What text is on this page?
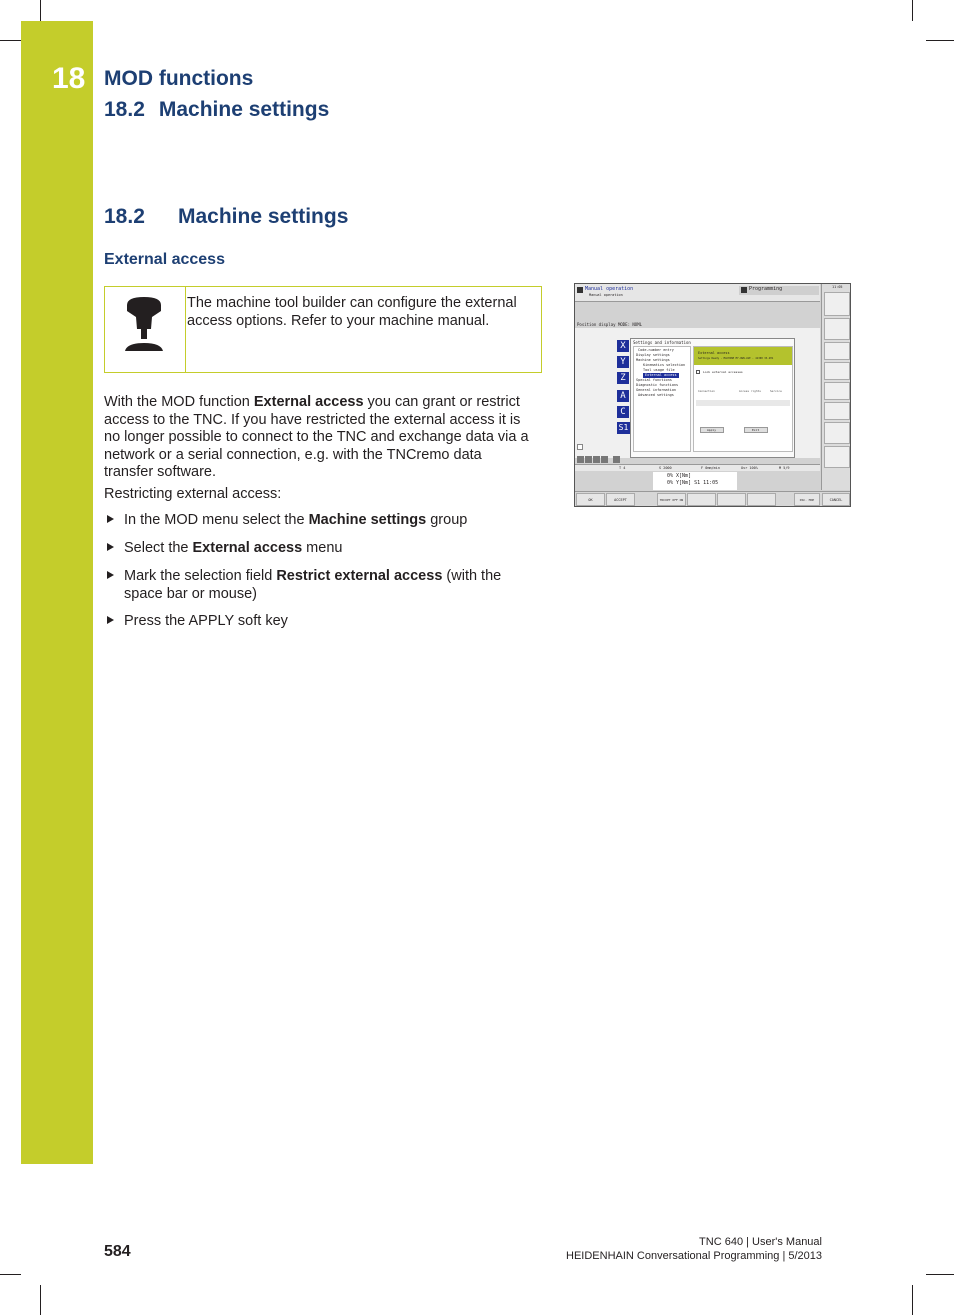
18 MOD functions
18.2 Machine settings
18.2 Machine settings
External access
The machine tool builder can configure the external access options. Refer to your machine manual.
With the MOD function External access you can grant or restrict access to the TNC. If you have restricted the external access it is no longer possible to connect to the TNC and exchange data via a network or a serial connection, e.g. with the TNCremo data transfer software.
Restricting external access:
In the MOD menu select the Machine settings group
Select the External access menu
Mark the selection field Restrict external access (with the space bar or mouse)
Press the APPLY soft key
Manual operation
Manual operation
Programming
Position display MODE: NOML
X
Y
Z
A
C
S1
Settings and information
Code-number entry
Display settings
Machine settings
Kinematics selection
Tool usage file
External access
Special functions
Diagnostic functions
General information
Advanced settings
External access
Settings Ready - MACHINE MY-OWN.ASE - 41300 33-2H1
Lock external accesses
Connection	Access rights	Service
Apply	Exit
T 4	S 2000	F 0mm/min	Ovr 100%	M 5/9
0% X[Nm]
0% Y[Nm] S1 11:05
11:05
OK	ACCEPT	TNCOPT OFF ON	DSC. MOP	CANCEL
584
TNC 640 | User's Manual
HEIDENHAIN Conversational Programming | 5/2013
